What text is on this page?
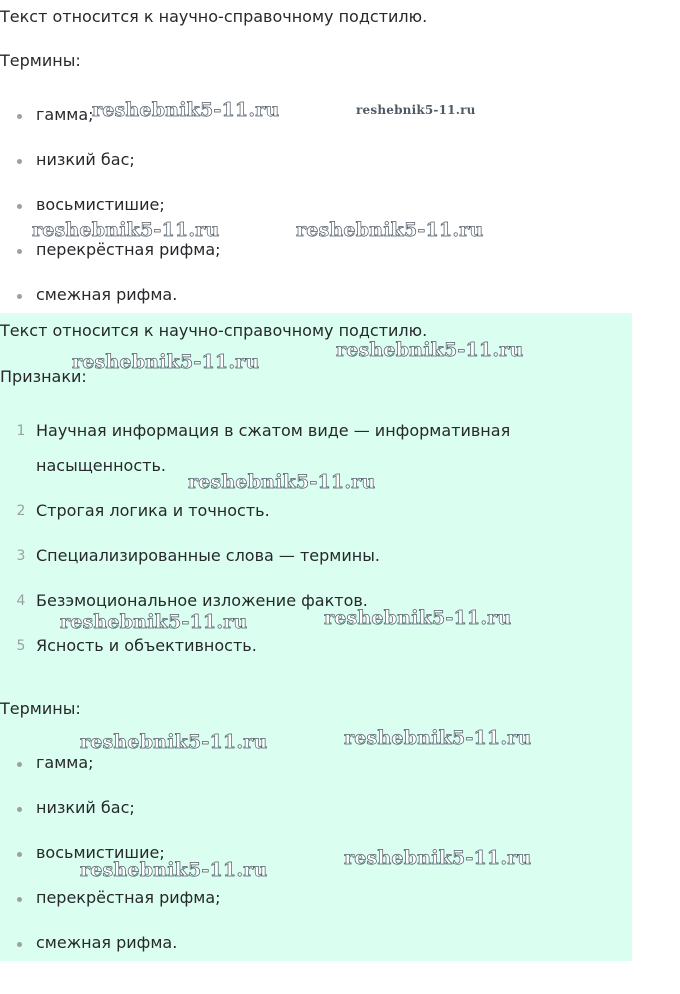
Текст относится к научно-справочному подстилю.
Термины:
гамма;
низкий бас;
восьмистишие;
перекрёстная рифма;
смежная рифма.
Текст относится к научно-справочному подстилю.
Признаки:
1 Научная информация в сжатом виде — информативная
насыщенность.
2 Строгая логика и точность.
3 Специализированные слова — термины.
4 Безэмоциональное изложение фактов.
5 Ясность и объективность.
Термины:
гамма;
низкий бас;
восьмистишие;
перекрёстная рифма;
смежная рифма.
reshebnik5-11.ru	reshebnik5-11.ru
reshebnik5-11.ru	reshebnik5-11.ru
reshebnik5-11.ru
reshebnik5-11.ru
reshebnik5-11.ru
reshebnik5-11.ru
reshebnik5-11.ru
reshebnik5-11.ru
reshebnik5-11.ru
reshebnik5-11.ru
reshebnik5-11.ru
